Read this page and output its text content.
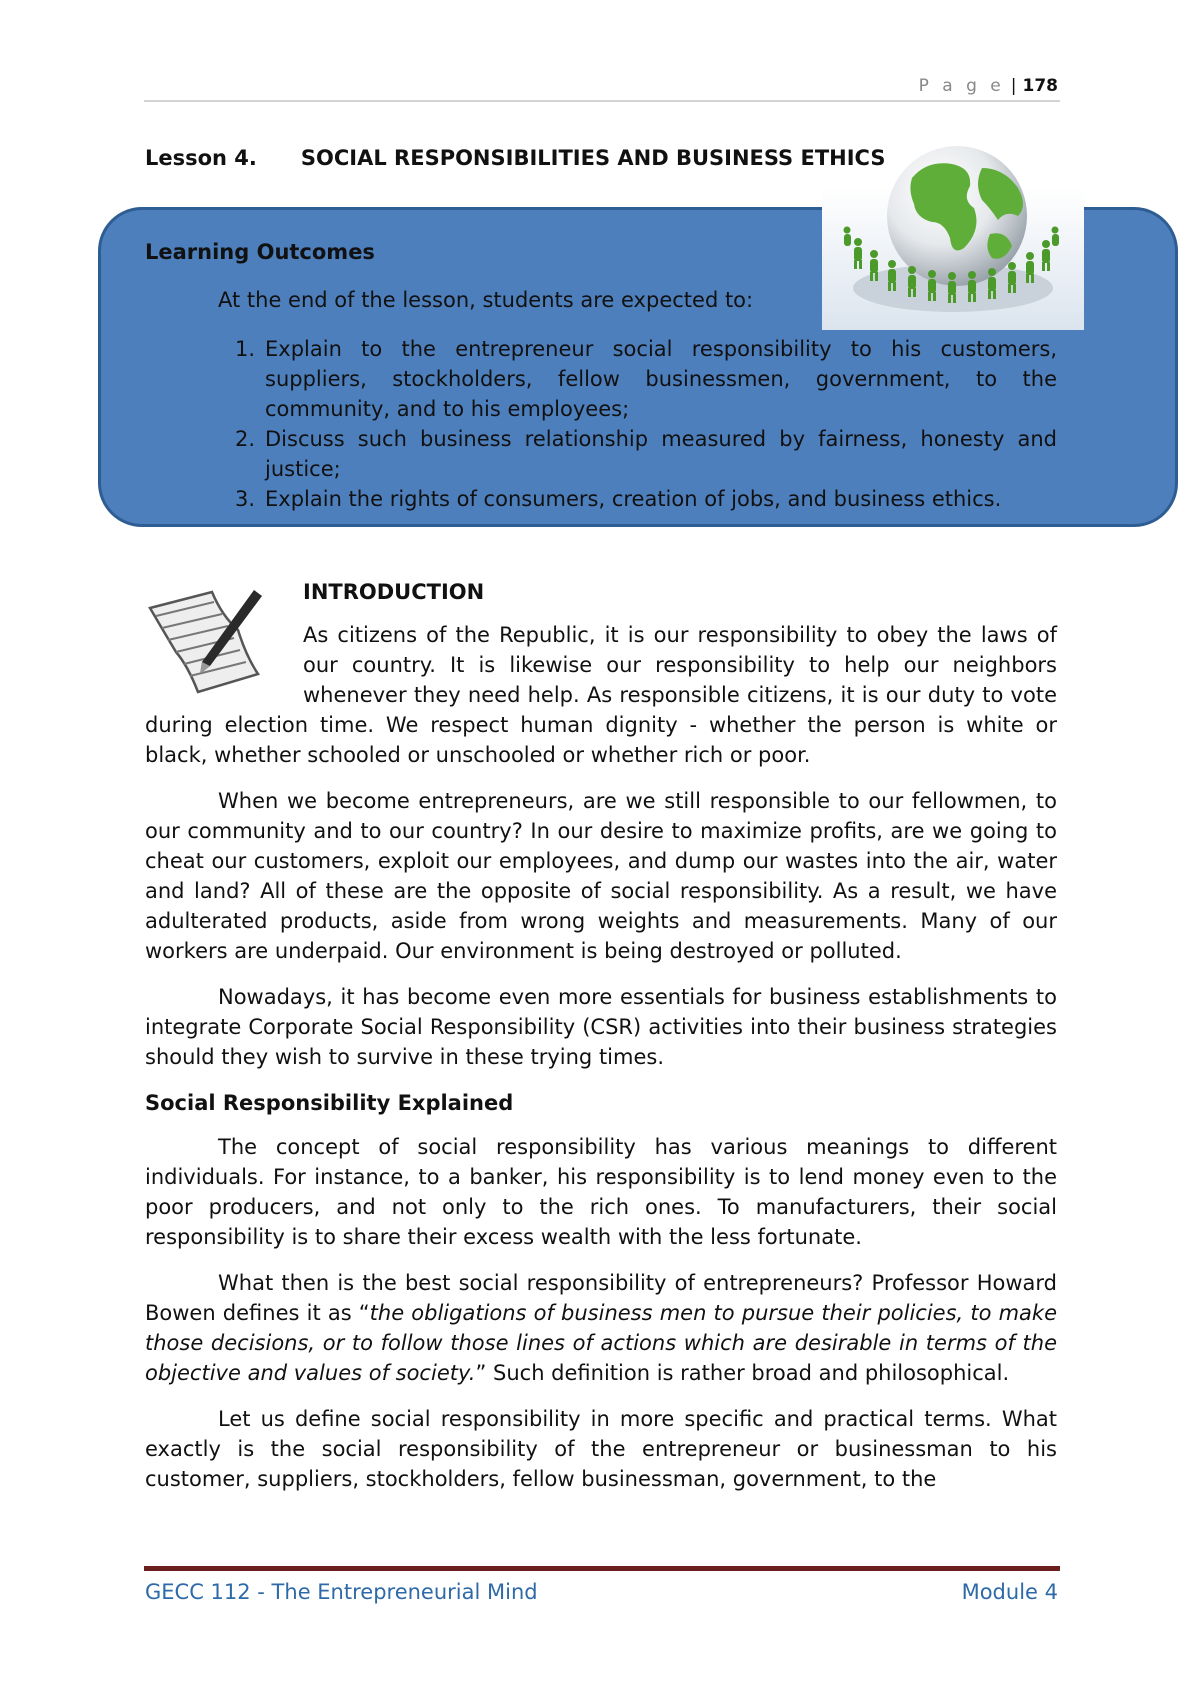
P a g e | 178
Lesson 4. SOCIAL RESPONSIBILITIES AND BUSINESS ETHICS
Learning Outcomes
At the end of the lesson, students are expected to:
1. Explain to the entrepreneur social responsibility to his customers, suppliers, stockholders, fellow businessmen, government, to the community, and to his employees;
2. Discuss such business relationship measured by fairness, honesty and justice;
3. Explain the rights of consumers, creation of jobs, and business ethics.
INTRODUCTION

As citizens of the Republic, it is our responsibility to obey the laws of our country. It is likewise our responsibility to help our neighbors whenever they need help. As responsible citizens, it is our duty to vote during election time. We respect human dignity - whether the person is white or black, whether schooled or unschooled or whether rich or poor.

When we become entrepreneurs, are we still responsible to our fellowmen, to our community and to our country? In our desire to maximize profits, are we going to cheat our customers, exploit our employees, and dump our wastes into the air, water and land? All of these are the opposite of social responsibility. As a result, we have adulterated products, aside from wrong weights and measurements. Many of our workers are underpaid. Our environment is being destroyed or polluted.

Nowadays, it has become even more essentials for business establishments to integrate Corporate Social Responsibility (CSR) activities into their business strategies should they wish to survive in these trying times.

Social Responsibility Explained

The concept of social responsibility has various meanings to different individuals. For instance, to a banker, his responsibility is to lend money even to the poor producers, and not only to the rich ones. To manufacturers, their social responsibility is to share their excess wealth with the less fortunate.

What then is the best social responsibility of entrepreneurs? Professor Howard Bowen defines it as “the obligations of business men to pursue their policies, to make those decisions, or to follow those lines of actions which are desirable in terms of the objective and values of society.” Such definition is rather broad and philosophical.

Let us define social responsibility in more specific and practical terms. What exactly is the social responsibility of the entrepreneur or businessman to his customer, suppliers, stockholders, fellow businessman, government, to the

GECC 112 - The Entrepreneurial Mind	Module 4
